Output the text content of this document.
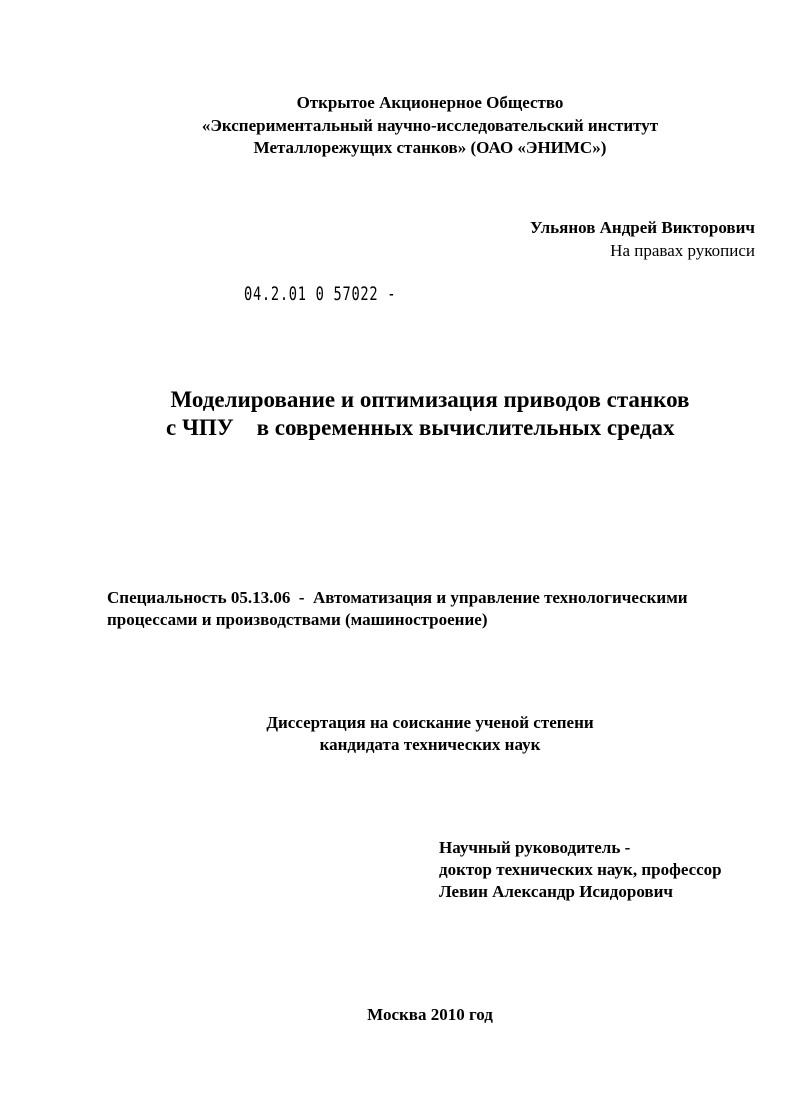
Открытое Акционерное Общество
«Экспериментальный научно-исследовательский институт
Металлорежущих станков» (ОАО «ЭНИМС»)
Ульянов Андрей Викторович
На правах рукописи
04.2.01 0 57022 -
Моделирование и оптимизация приводов станков
с ЧПУ    в современных вычислительных средах
Специальность 05.13.06  -  Автоматизация и управление технологическими
процессами и производствами (машиностроение)
Диссертация на соискание ученой степени
кандидата технических наук
Научный руководитель -
доктор технических наук, профессор
Левин Александр Исидорович
Москва 2010 год
